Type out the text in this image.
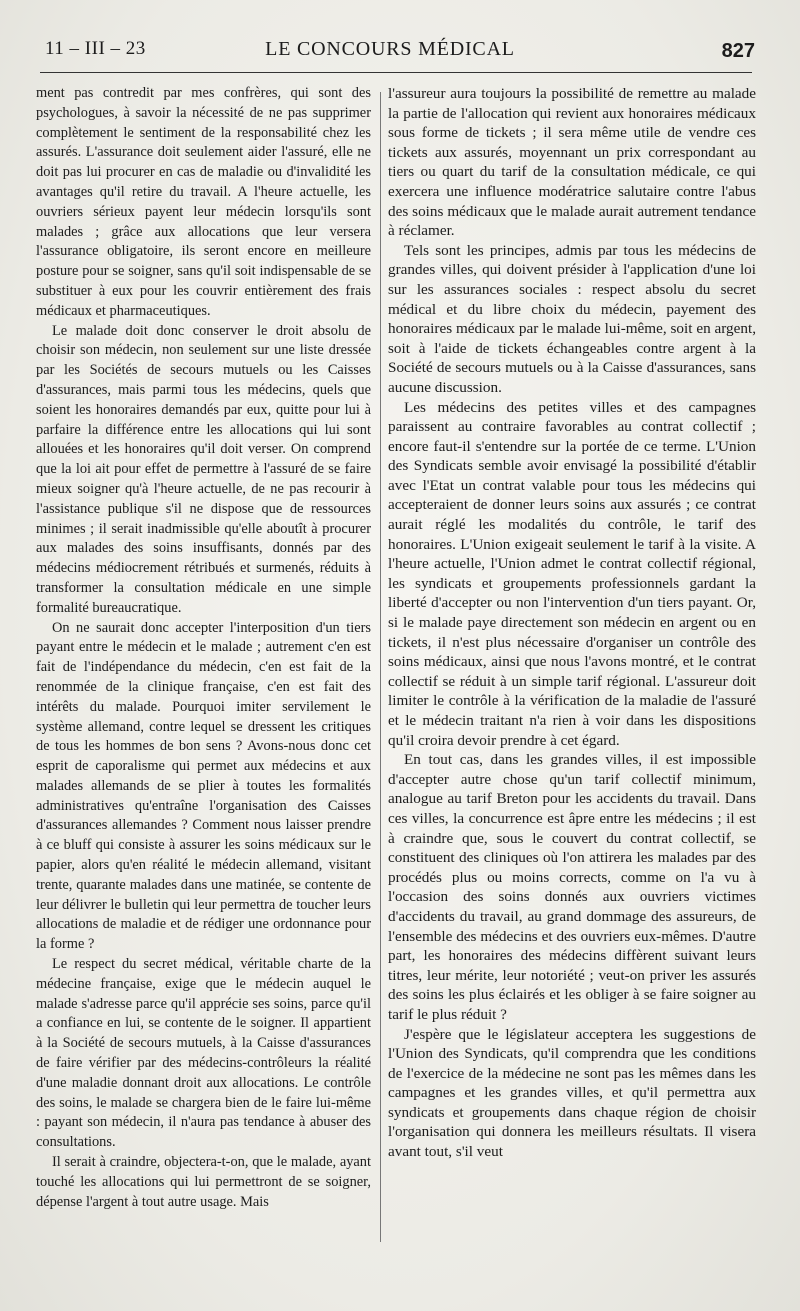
11 – III – 23	LE CONCOURS MÉDICAL	827

ment pas contredit par mes confrères, qui sont des psychologues, à savoir la nécessité de ne pas supprimer complètement le sentiment de la responsabilité chez les assurés. L'assurance doit seulement aider l'assuré, elle ne doit pas lui procurer en cas de maladie ou d'invalidité les avantages qu'il retire du travail. A l'heure actuelle, les ouvriers sérieux payent leur médecin lorsqu'ils sont malades ; grâce aux allocations que leur versera l'assurance obligatoire, ils seront encore en meilleure posture pour se soigner, sans qu'il soit indispensable de se substituer à eux pour les couvrir entièrement des frais médicaux et pharmaceutiques.

Le malade doit donc conserver le droit absolu de choisir son médecin, non seulement sur une liste dressée par les Sociétés de secours mutuels ou les Caisses d'assurances, mais parmi tous les médecins, quels que soient les honoraires demandés par eux, quitte pour lui à parfaire la différence entre les allocations qui lui sont allouées et les honoraires qu'il doit verser. On comprend que la loi ait pour effet de permettre à l'assuré de se faire mieux soigner qu'à l'heure actuelle, de ne pas recourir à l'assistance publique s'il ne dispose que de ressources minimes ; il serait inadmissible qu'elle aboutît à procurer aux malades des soins insuffisants, donnés par des médecins médiocrement rétribués et surmenés, réduits à transformer la consultation médicale en une simple formalité bureaucratique.

On ne saurait donc accepter l'interposition d'un tiers payant entre le médecin et le malade ; autrement c'en est fait de l'indépendance du médecin, c'en est fait de la renommée de la clinique française, c'en est fait des intérêts du malade. Pourquoi imiter servilement le système allemand, contre lequel se dressent les critiques de tous les hommes de bon sens ? Avons-nous donc cet esprit de caporalisme qui permet aux médecins et aux malades allemands de se plier à toutes les formalités administratives qu'entraîne l'organisation des Caisses d'assurances allemandes ? Comment nous laisser prendre à ce bluff qui consiste à assurer les soins médicaux sur le papier, alors qu'en réalité le médecin allemand, visitant trente, quarante malades dans une matinée, se contente de leur délivrer le bulletin qui leur permettra de toucher leurs allocations de maladie et de rédiger une ordonnance pour la forme ?

Le respect du secret médical, véritable charte de la médecine française, exige que le médecin auquel le malade s'adresse parce qu'il apprécie ses soins, parce qu'il a confiance en lui, se contente de le soigner. Il appartient à la Société de secours mutuels, à la Caisse d'assurances de faire vérifier par des médecins-contrôleurs la réalité d'une maladie donnant droit aux allocations. Le contrôle des soins, le malade se chargera bien de le faire lui-même : payant son médecin, il n'aura pas tendance à abuser des consultations.

Il serait à craindre, objectera-t-on, que le malade, ayant touché les allocations qui lui permettront de se soigner, dépense l'argent à tout autre usage. Mais

l'assureur aura toujours la possibilité de remettre au malade la partie de l'allocation qui revient aux honoraires médicaux sous forme de tickets ; il sera même utile de vendre ces tickets aux assurés, moyennant un prix correspondant au tiers ou quart du tarif de la consultation médicale, ce qui exercera une influence modératrice salutaire contre l'abus des soins médicaux que le malade aurait autrement tendance à réclamer.

Tels sont les principes, admis par tous les médecins de grandes villes, qui doivent présider à l'application d'une loi sur les assurances sociales : respect absolu du secret médical et du libre choix du médecin, payement des honoraires médicaux par le malade lui-même, soit en argent, soit à l'aide de tickets échangeables contre argent à la Société de secours mutuels ou à la Caisse d'assurances, sans aucune discussion.

Les médecins des petites villes et des campagnes paraissent au contraire favorables au contrat collectif ; encore faut-il s'entendre sur la portée de ce terme. L'Union des Syndicats semble avoir envisagé la possibilité d'établir avec l'Etat un contrat valable pour tous les médecins qui accepteraient de donner leurs soins aux assurés ; ce contrat aurait réglé les modalités du contrôle, le tarif des honoraires. L'Union exigeait seulement le tarif à la visite. A l'heure actuelle, l'Union admet le contrat collectif régional, les syndicats et groupements professionnels gardant la liberté d'accepter ou non l'intervention d'un tiers payant. Or, si le malade paye directement son médecin en argent ou en tickets, il n'est plus nécessaire d'organiser un contrôle des soins médicaux, ainsi que nous l'avons montré, et le contrat collectif se réduit à un simple tarif régional. L'assureur doit limiter le contrôle à la vérification de la maladie de l'assuré et le médecin traitant n'a rien à voir dans les dispositions qu'il croira devoir prendre à cet égard.

En tout cas, dans les grandes villes, il est impossible d'accepter autre chose qu'un tarif collectif minimum, analogue au tarif Breton pour les accidents du travail. Dans ces villes, la concurrence est âpre entre les médecins ; il est à craindre que, sous le couvert du contrat collectif, se constituent des cliniques où l'on attirera les malades par des procédés plus ou moins corrects, comme on l'a vu à l'occasion des soins donnés aux ouvriers victimes d'accidents du travail, au grand dommage des assureurs, de l'ensemble des médecins et des ouvriers eux-mêmes. D'autre part, les honoraires des médecins diffèrent suivant leurs titres, leur mérite, leur notoriété ; veut-on priver les assurés des soins les plus éclairés et les obliger à se faire soigner au tarif le plus réduit ?

J'espère que le législateur acceptera les suggestions de l'Union des Syndicats, qu'il comprendra que les conditions de l'exercice de la médecine ne sont pas les mêmes dans les campagnes et les grandes villes, et qu'il permettra aux syndicats et groupements dans chaque région de choisir l'organisation qui donnera les meilleurs résultats. Il visera avant tout, s'il veut
